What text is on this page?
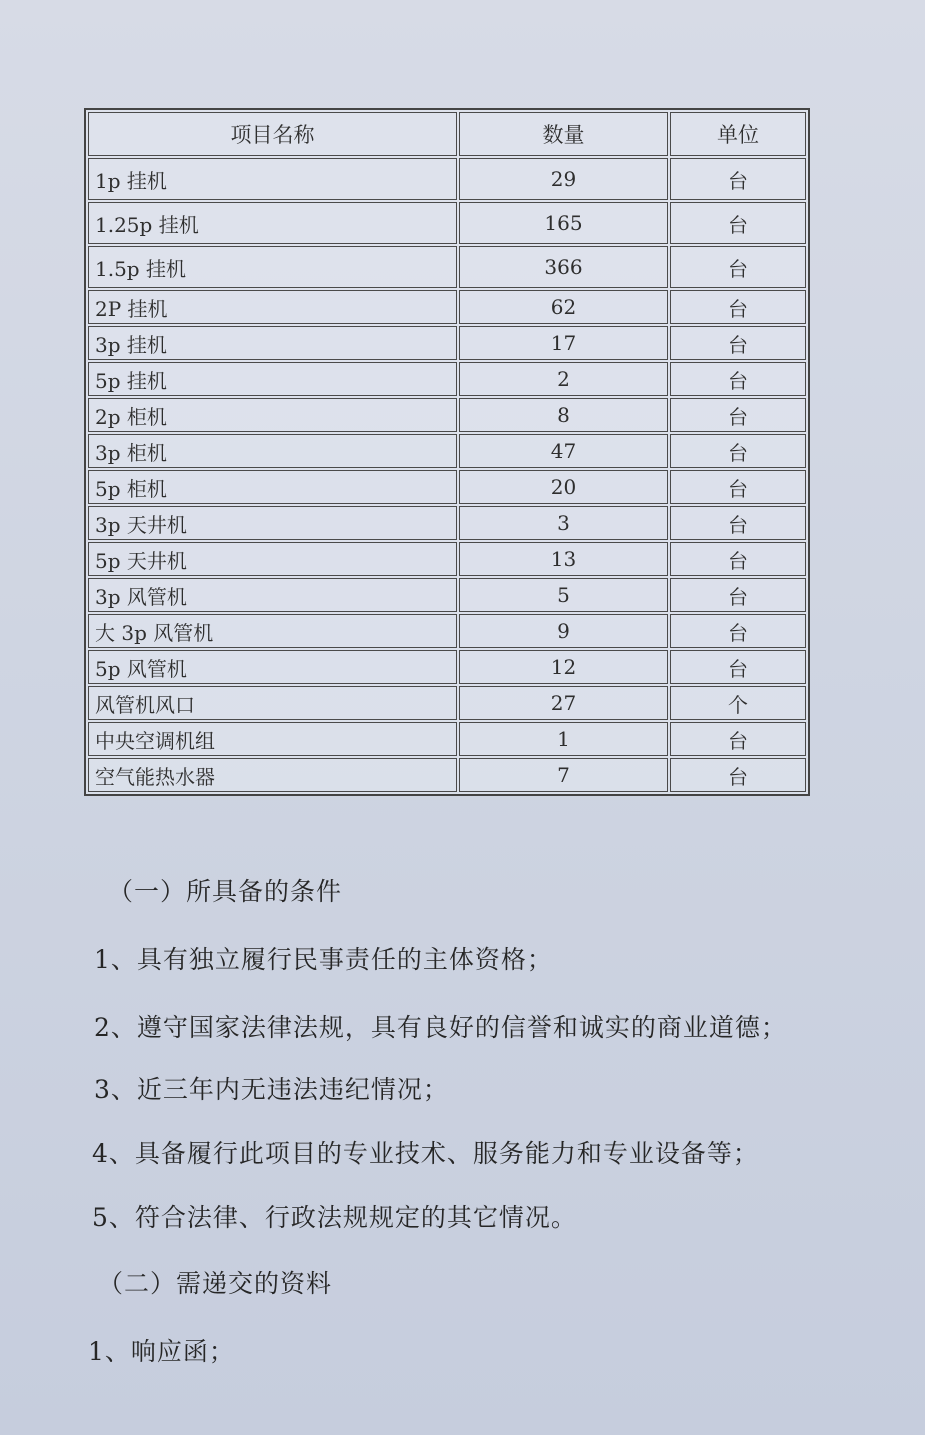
项目名称	数量	单位
1p 挂机	29	台
1.25p 挂机	165	台
1.5p 挂机	366	台
2P 挂机	62	台
3p 挂机	17	台
5p 挂机	2	台
2p 柜机	8	台
3p 柜机	47	台
5p 柜机	20	台
3p 天井机	3	台
5p 天井机	13	台
3p 风管机	5	台
大 3p 风管机	9	台
5p 风管机	12	台
风管机风口	27	个
中央空调机组	1	台
空气能热水器	7	台
（一）所具备的条件
1、具有独立履行民事责任的主体资格；
2、遵守国家法律法规，具有良好的信誉和诚实的商业道德；
3、近三年内无违法违纪情况；
4、具备履行此项目的专业技术、服务能力和专业设备等；
5、符合法律、行政法规规定的其它情况。
（二）需递交的资料
1、响应函；
